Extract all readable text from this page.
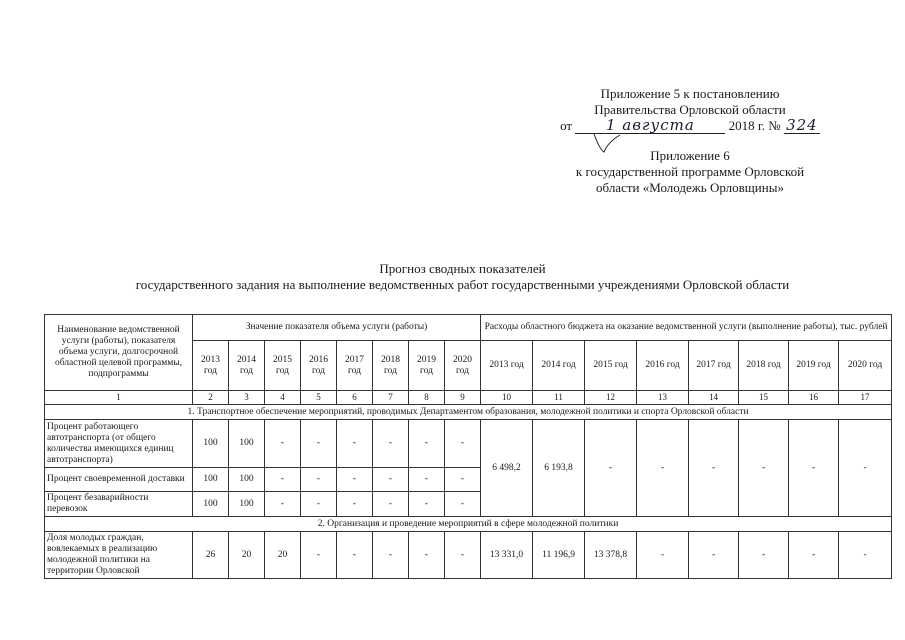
Приложение 5 к постановлению
Правительства Орловской области
от 1 августа	2018 г. № 324
Приложение 6
к государственной программе Орловской
области «Молодежь Орловщины»
Прогноз сводных показателей
государственного задания на выполнение ведомственных работ государственными учреждениями Орловской области
Наименование ведомственной услуги (работы), показателя объема услуги, долгосрочной областной целевой программы, подпрограммы	Значение показателя объема услуги (работы)								Расходы областного бюджета на оказание ведомственной услуги (выполнение работы), тыс. рублей							
	2013 год	2014 год	2015 год	2016 год	2017 год	2018 год	2019 год	2020 год	2013 год	2014 год	2015 год	2016 год	2017 год	2018 год	2019 год	2020 год
1	2	3	4	5	6	7	8	9	10	11	12	13	14	15	16	17
1. Транспортное обеспечение мероприятий, проводимых Департаментом образования, молодежной политики и спорта Орловской области																
Процент работающего автотранспорта (от общего количества имеющихся единиц автотранспорта)	100	100	-	-	-	-	-	-	6 498,2	6 193,8	-	-	-	-	-	-
Процент своевременной доставки	100	100	-	-	-	-	-	-								
Процент безаварийности перевозок	100	100	-	-	-	-	-	-								
2. Организация и проведение мероприятий в сфере молодежной политики																
Доля молодых граждан, вовлекаемых в реализацию молодежной политики на территории Орловской	26	20	20	-	-	-	-	-	13 331,0	11 196,9	13 378,8	-	-	-	-	-
